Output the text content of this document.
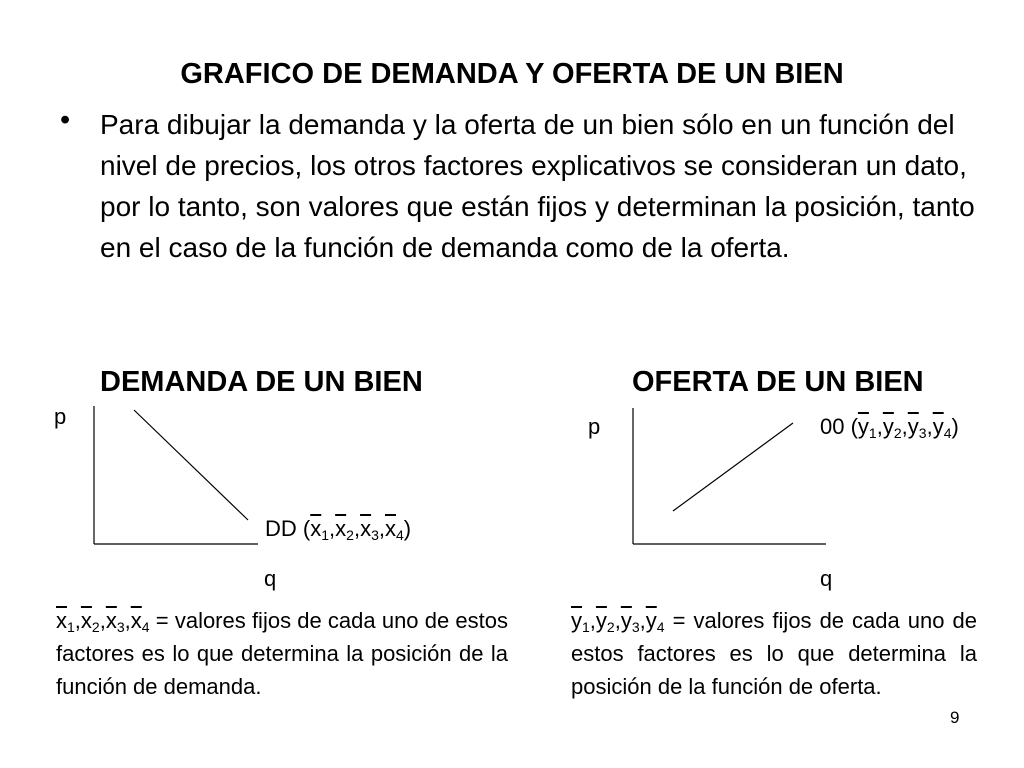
GRAFICO DE DEMANDA Y OFERTA DE UN BIEN
• Para dibujar la demanda y la oferta de un bien sólo en un función del nivel de precios, los otros factores explicativos se consideran un dato, por lo tanto, son valores que están fijos y determinan la posición, tanto en el caso de la función de demanda como de la oferta.
DEMANDA DE UN BIEN	OFERTA DE UN BIEN
p
q
DD $(\overline{x}_1,\overline{x}_2,\overline{x}_3,\overline{x}_4)$
p
q
00 $(\overline{y}_1,\overline{y}_2,\overline{y}_3,\overline{y}_4)$
$\overline{x}_1,\overline{x}_2,\overline{x}_3,\overline{x}_4$ = valores fijos de cada uno de estos factores es lo que determina la posición de la función de demanda.
$\overline{y}_1,\overline{y}_2,\overline{y}_3,\overline{y}_4$ = valores fijos de cada uno de estos factores es lo que determina la posición de la función de oferta.
9
